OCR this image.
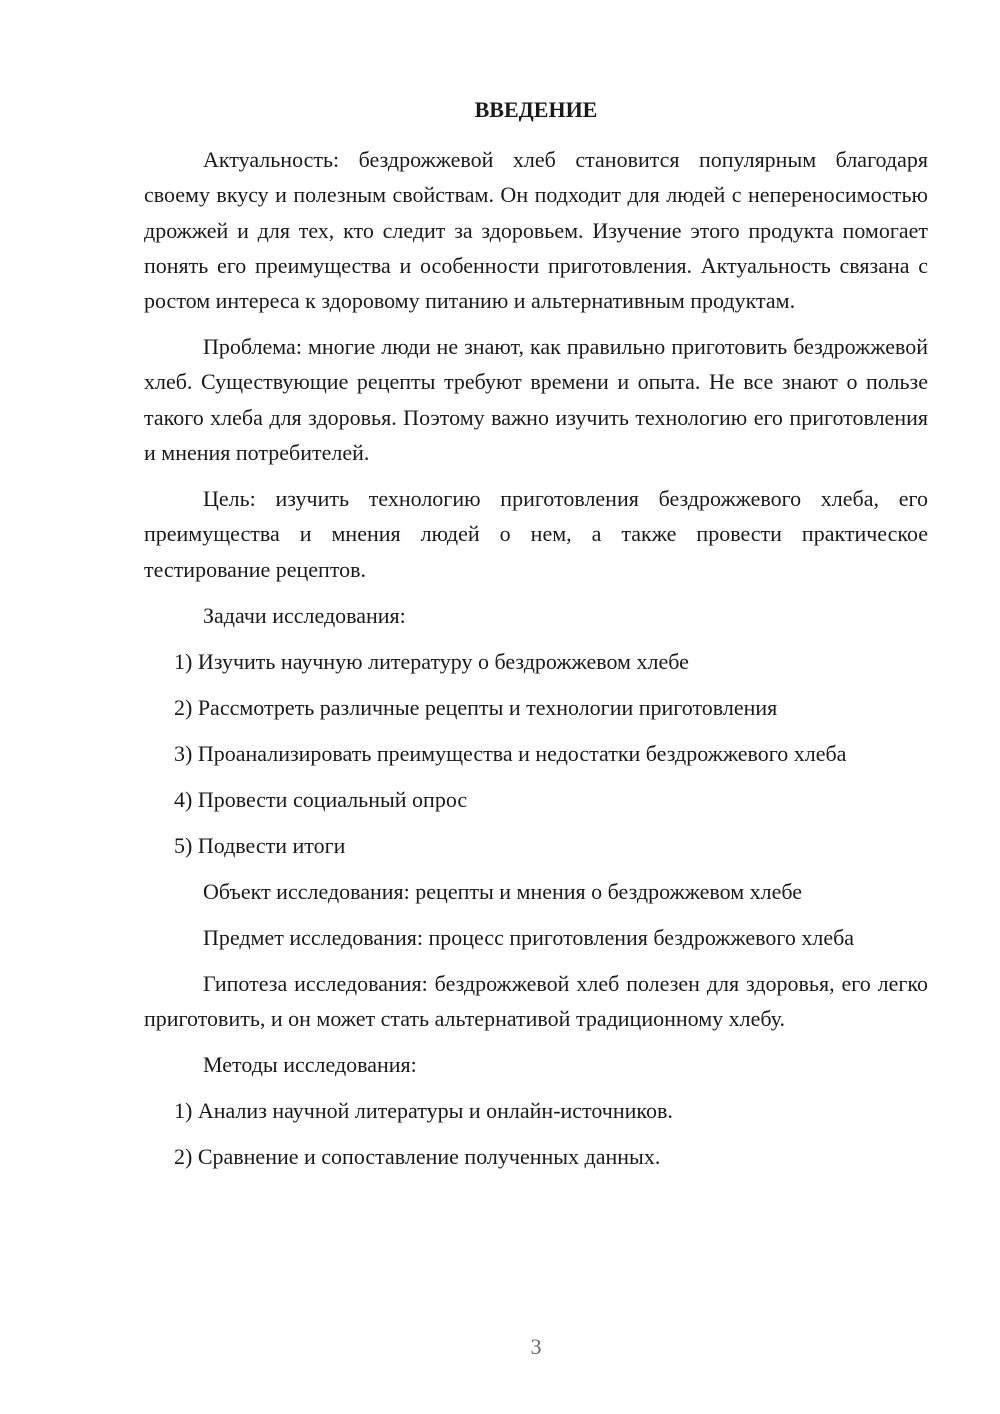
ВВЕДЕНИЕ

Актуальность: бездрожжевой хлеб становится популярным благодаря своему вкусу и полезным свойствам. Он подходит для людей с непереносимостью дрожжей и для тех, кто следит за здоровьем. Изучение этого продукта помогает понять его преимущества и особенности приготовления. Актуальность связана с ростом интереса к здоровому питанию и альтернативным продуктам.

Проблема: многие люди не знают, как правильно приготовить бездрожжевой хлеб. Существующие рецепты требуют времени и опыта. Не все знают о пользе такого хлеба для здоровья. Поэтому важно изучить технологию его приготовления и мнения потребителей.

Цель: изучить технологию приготовления бездрожжевого хлеба, его преимущества и мнения людей о нем, а также провести практическое тестирование рецептов.

Задачи исследования:

1) Изучить научную литературу о бездрожжевом хлебе

2) Рассмотреть различные рецепты и технологии приготовления

3) Проанализировать преимущества и недостатки бездрожжевого хлеба

4) Провести социальный опрос

5) Подвести итоги

Объект исследования: рецепты и мнения о бездрожжевом хлебе

Предмет исследования: процесс приготовления бездрожжевого хлеба

Гипотеза исследования: бездрожжевой хлеб полезен для здоровья, его легко приготовить, и он может стать альтернативой традиционному хлебу.

Методы исследования:

1) Анализ научной литературы и онлайн-источников.

2) Сравнение и сопоставление полученных данных.

3
